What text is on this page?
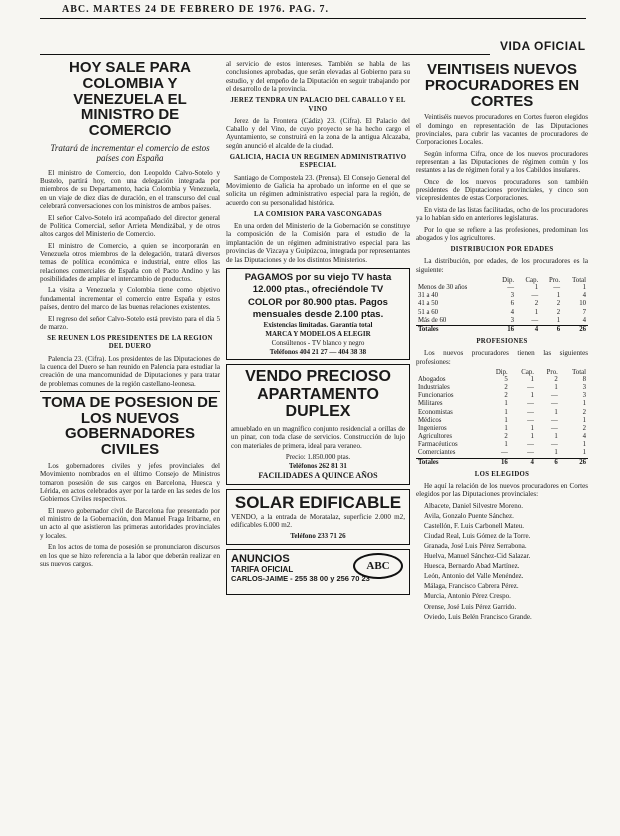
ABC. MARTES 24 DE FEBRERO DE 1976. PAG. 7.
VIDA OFICIAL
HOY SALE PARA COLOMBIA Y VENEZUELA EL MINISTRO DE COMERCIO
Tratará de incrementar el comercio de estos países con España

El ministro de Comercio, don Leopoldo Calvo-Sotelo y Bustelo, partirá hoy, con una delegación integrada por miembros de su Departamento, hacia Colombia y Venezuela, en un viaje de diez días de duración, en el transcurso del cual celebrará conversaciones con los ministros de ambos países.

El señor Calvo-Sotelo irá acompañado del director general de Política Comercial, señor Arrieta Mendizábal, y de otros altos cargos del Ministerio de Comercio.

El ministro de Comercio, a quien se incorporarán en Venezuela otros miembros de la delegación, tratará diversos temas de política económica e industrial, entre ellos las relaciones comerciales de España con el Pacto Andino y las posibilidades de ampliar el intercambio de productos.

La visita a Venezuela y Colombia tiene como objetivo fundamental incrementar el comercio entre España y estos países, dentro del marco de las buenas relaciones existentes.

El regreso del señor Calvo-Sotelo está previsto para el día 5 de marzo.

SE REUNEN LOS PRESIDENTES DE LA REGION DEL DUERO

Palencia 23. (Cifra). Los presidentes de las Diputaciones de la cuenca del Duero se han reunido en Palencia para estudiar la creación de una mancomunidad de Diputaciones y para tratar de problemas comunes de la región castellano-leonesa.

TOMA DE POSESION DE LOS NUEVOS GOBERNADORES CIVILES

Los gobernadores civiles y jefes provinciales del Movimiento nombrados en el último Consejo de Ministros tomaron posesión de sus cargos en Barcelona, Huesca y Lérida, en actos celebrados ayer por la tarde en las sedes de los Gobiernos Civiles respectivos.

El nuevo gobernador civil de Barcelona fue presentado por el ministro de la Gobernación, don Manuel Fraga Iribarne, en un acto al que asistieron las primeras autoridades provinciales y locales.

En los actos de toma de posesión se pronunciaron discursos en los que se hizo referencia a la labor que deberán realizar en sus nuevos cargos.

al servicio de estos intereses. También se habla de las conclusiones aprobadas, que serán elevadas al Gobierno para su estudio, y del empeño de la Diputación en seguir trabajando por el desarrollo de la provincia.

JEREZ TENDRA UN PALACIO DEL CABALLO Y EL VINO

Jerez de la Frontera (Cádiz) 23. (Cifra). El Palacio del Caballo y del Vino, de cuyo proyecto se ha hecho cargo el Ayuntamiento, se construirá en la zona de la antigua Alcazaba, según anunció el alcalde de la ciudad.

GALICIA, HACIA UN REGIMEN ADMINISTRATIVO ESPECIAL

Santiago de Compostela 23. (Prensa). El Consejo General del Movimiento de Galicia ha aprobado un informe en el que se solicita un régimen administrativo especial para la región, de acuerdo con su personalidad histórica.

LA COMISION PARA VASCONGADAS

En una orden del Ministerio de la Gobernación se constituye la composición de la Comisión para el estudio de la implantación de un régimen administrativo especial para las provincias de Vizcaya y Guipúzcoa, integrada por representantes de las Diputaciones y de los distintos Ministerios.

PAGAMOS por su viejo TV hasta
12.000 ptas., ofreciéndole TV
COLOR por 80.900 ptas. Pagos
mensuales desde 2.100 ptas.
Existencias limitadas. Garantía total
MARCA Y MODELOS A ELEGIR
Consúltenos - TV blanco y negro
Teléfonos 404 21 27 — 404 38 38
VENDO PRECIOSO APARTAMENTO DUPLEX

amueblado en un magnífico conjunto residencial a orillas de un pinar, con toda clase de servicios. Construcción de lujo con materiales de primera, ideal para veraneo.

Precio: 1.850.000 ptas.
Teléfonos 262 81 31
FACILIDADES A QUINCE AÑOS
SOLAR EDIFICABLE

VENDO, a la entrada de Moratalaz, superficie 2.000 m2, edificables 6.000 m2.

Teléfono 233 71 26
ANUNCIOS
TARIFA OFICIAL
CARLOS-JAIME - 255 38 00 y 256 70 23
ABC
VEINTISEIS NUEVOS PROCURADORES EN CORTES

Veintiséis nuevos procuradores en Cortes fueron elegidos el domingo en representación de las Diputaciones provinciales, para cubrir las vacantes de procuradores de Corporaciones Locales.

Según informa Cifra, once de los nuevos procuradores representan a las Diputaciones de régimen común y los restantes a las de régimen foral y a los Cabildos insulares.

Once de los nuevos procuradores son también presidentes de Diputaciones provinciales, y cinco son vicepresidentes de estas Corporaciones.

En vista de las listas facilitadas, ocho de los procuradores ya lo habían sido en anteriores legislaturas.

Por lo que se refiere a las profesiones, predominan los abogados y los agricultores.

DISTRIBUCION POR EDADES

La distribución, por edades, de los procuradores es la siguiente:

	Dip.	Cap.	Pro.	Total
Menos de 30 años	—	1	—	1
31 a 40	3	—	1	4
41 a 50	6	2	2	10
51 a 60	4	1	2	7
Más de 60	3	—	1	4
Totales	16	4	6	26
PROFESIONES

Los nuevos procuradores tienen las siguientes profesiones:

	Dip.	Cap.	Pro.	Total
Abogados	5	1	2	8
Industriales	2	—	1	3
Funcionarios	2	1	—	3
Militares	1	—	—	1
Economistas	1	—	1	2
Médicos	1	—	—	1
Ingenieros	1	1	—	2
Agricultores	2	1	1	4
Farmacéuticos	1	—	—	1
Comerciantes	—	—	1	1
Totales	16	4	6	26
LOS ELEGIDOS

He aquí la relación de los nuevos procuradores en Cortes elegidos por las Diputaciones provinciales:

Albacete, Daniel Silvestre Moreno.
Avila, Gonzalo Puente Sánchez.
Castellón, F. Luis Carbonell Mateu.
Ciudad Real, Luis Gómez de la Torre.
Granada, José Luis Pérez Serrabona.
Huelva, Manuel Sánchez-Cid Salazar.
Huesca, Bernardo Abad Martínez.
León, Antonio del Valle Menéndez.
Málaga, Francisco Cabrera Pérez.
Murcia, Antonio Pérez Crespo.
Orense, José Luis Pérez Garrido.
Oviedo, Luis Belén Francisco Grande.
